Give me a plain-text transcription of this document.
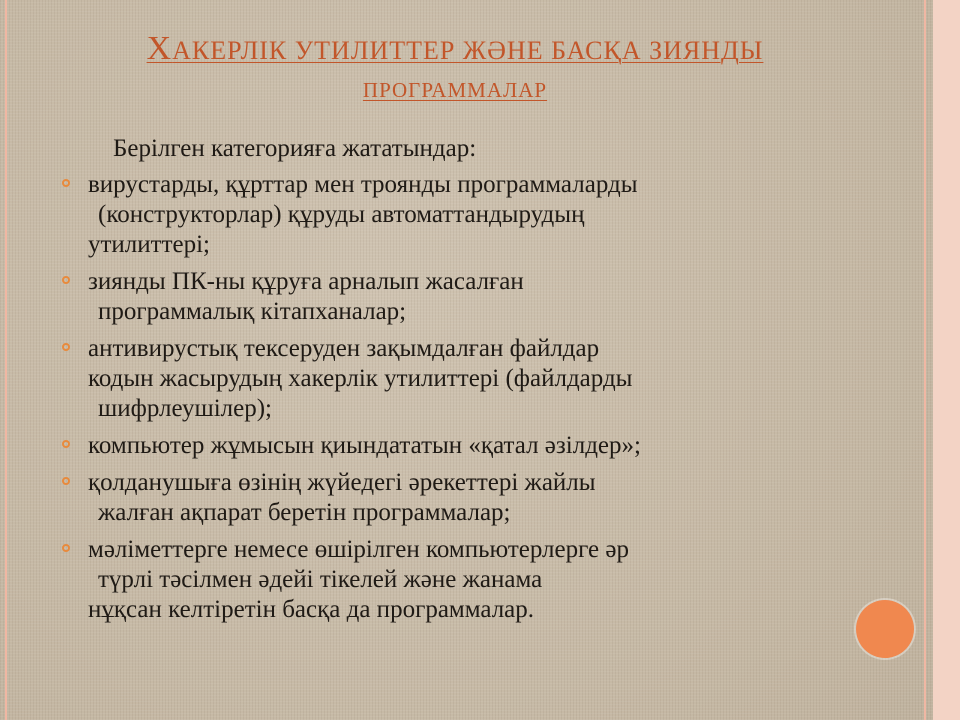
ХАКЕРЛІК УТИЛИТТЕР ЖӘНЕ БАСҚА ЗИЯНДЫ
ПРОГРАММАЛАР
Берілген категорияға жататындар:
вирустарды, құрттар мен троянды программаларды
(конструкторлар) құруды автоматтандырудың
утилиттері;
зиянды ПК-ны құруға арналып жасалған
программалық кітапханалар;
антивирустық тексеруден зақымдалған файлдар
кодын жасырудың хакерлік утилиттері (файлдарды
шифрлеушілер);
компьютер жұмысын қиындататын «қатал әзілдер»;
қолданушыға өзінің жүйедегі әрекеттері жайлы
жалған ақпарат беретін программалар;
мәліметтерге немесе өшірілген компьютерлерге әр
түрлі тәсілмен әдейі тікелей және жанама
нұқсан келтіретін басқа да программалар.
